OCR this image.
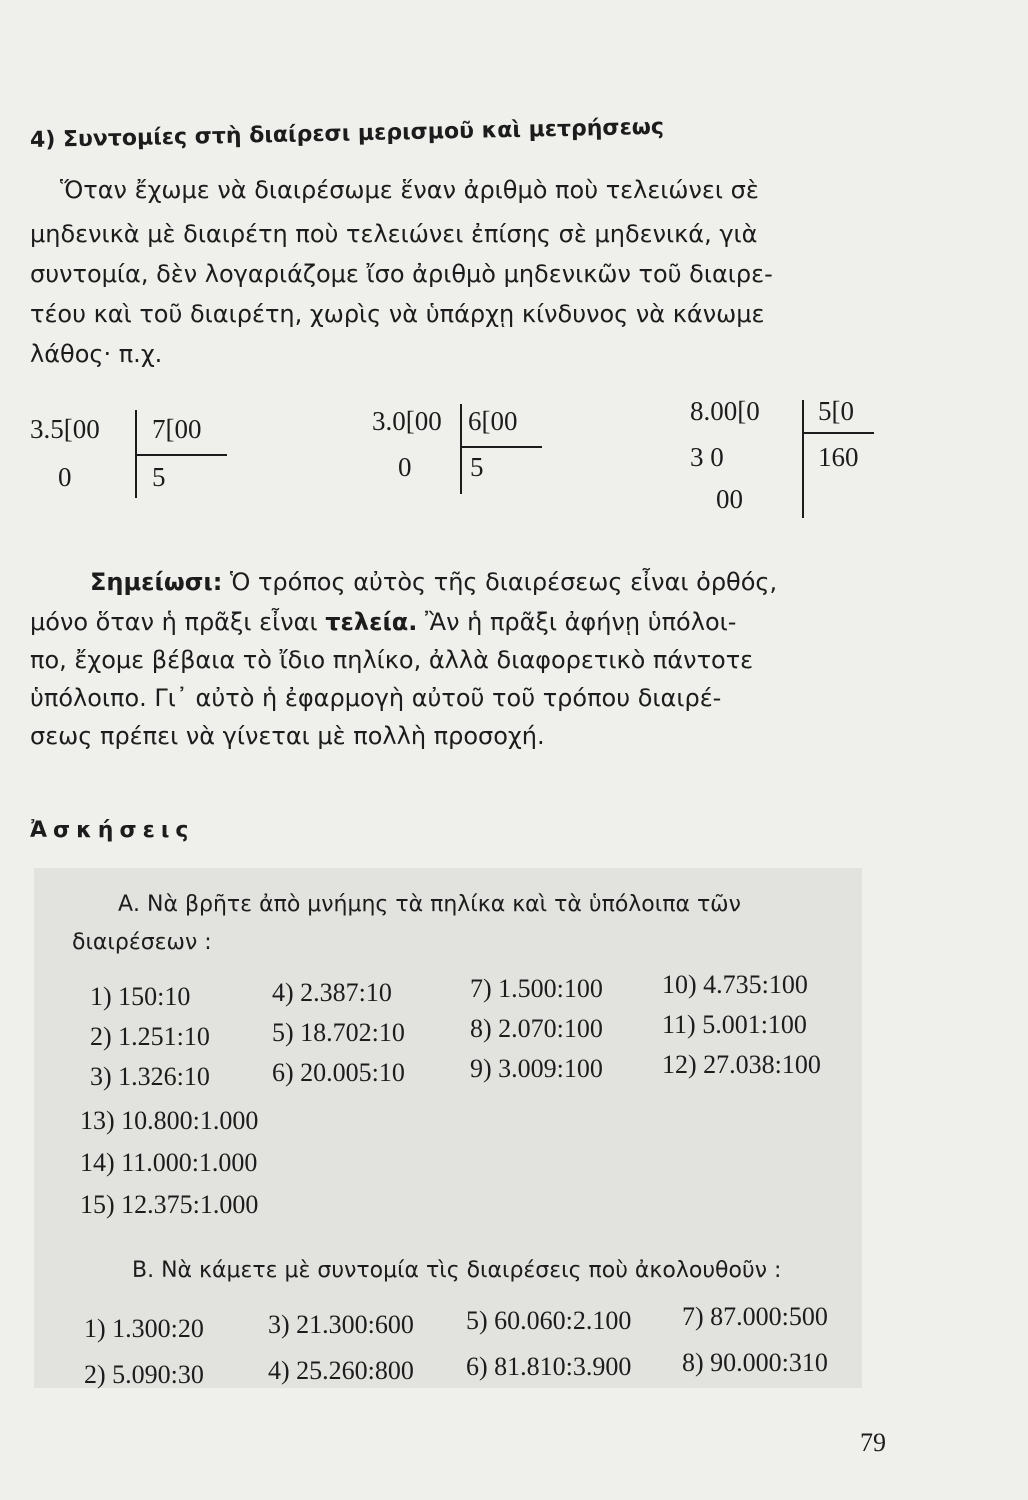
4) Συντομίες στὴ διαίρεσι μερισμοῦ καὶ μετρήσεως
Ὅταν ἔχωμε νὰ διαιρέσωμε ἕναν ἀριθμὸ ποὺ τελειώνει σὲ
μηδενικὰ μὲ διαιρέτη ποὺ τελειώνει ἐπίσης σὲ μηδενικά, γιὰ
συντομία, δὲν λογαριάζομε ἴσο ἀριθμὸ μηδενικῶν τοῦ διαιρε-
τέου καὶ τοῦ διαιρέτη, χωρὶς νὰ ὑπάρχῃ κίνδυνος νὰ κάνωμε
λάθος· π.χ.
3.5[00 7[00
0	5
3.0[00 6[00
0 5
8.00[0 5[0
3 0	160
00
Σημείωσι: Ὁ τρόπος αὐτὸς τῆς διαιρέσεως εἶναι ὀρθός,
μόνο ὅταν ἡ πρᾶξι εἶναι τελεία. Ἂν ἡ πρᾶξι ἀφήνῃ ὑπόλοι-
πο, ἔχομε βέβαια τὸ ἴδιο πηλίκο, ἀλλὰ διαφορετικὸ πάντοτε
ὑπόλοιπο. Γι᾽ αὐτὸ ἡ ἐφαρμογὴ αὐτοῦ τοῦ τρόπου διαιρέ-
σεως πρέπει νὰ γίνεται μὲ πολλὴ προσοχή.
Ἀσκήσεις
Α. Νὰ βρῆτε ἀπὸ μνήμης τὰ πηλίκα καὶ τὰ ὑπόλοιπα τῶν
διαιρέσεων :
1) 150:10	4) 2.387:10	7) 1.500:100 10) 4.735:100
2) 1.251:10 5) 18.702:10	8) 2.070:100 11) 5.001:100
3) 1.326:10 6) 20.005:10	9) 3.009:100 12) 27.038:100
13) 10.800:1.000
14) 11.000:1.000
15) 12.375:1.000
Β. Νὰ κάμετε μὲ συντομία τὶς διαιρέσεις ποὺ ἀκολουθοῦν :
1) 1.300:20 3) 21.300:600 5) 60.060:2.100 7) 87.000:500
2) 5.090:30 4) 25.260:800 6) 81.810:3.900 8) 90.000:310
79
